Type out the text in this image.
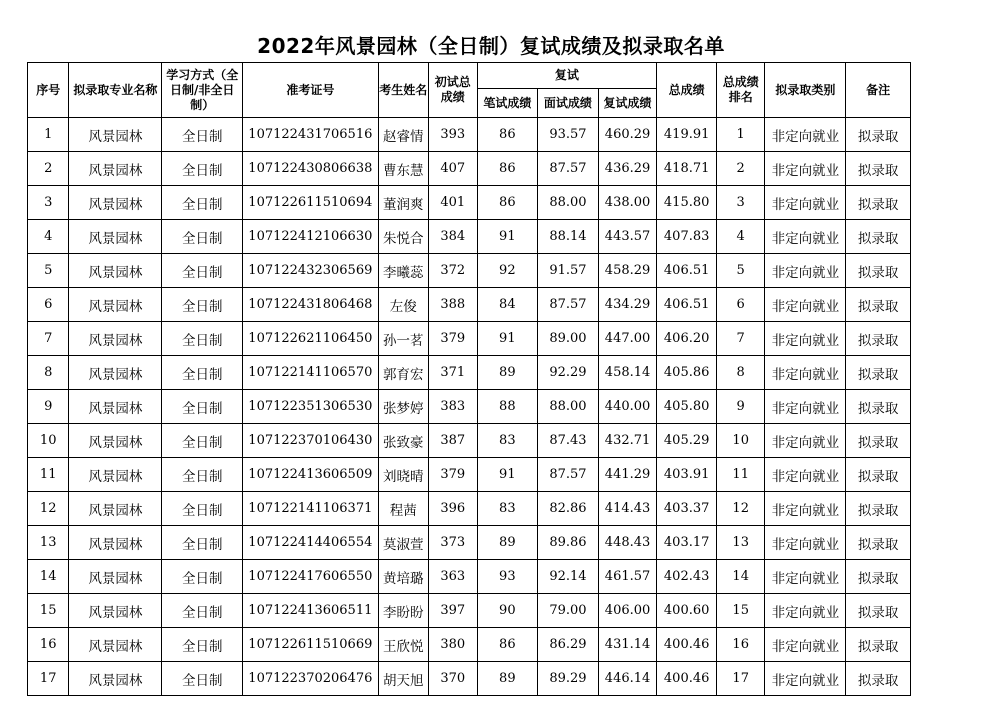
2022年风景园林（全日制）复试成绩及拟录取名单
序号	拟录取专业名称	学习方式（全日制/非全日制）	准考证号	考生姓名	初试总成绩	复试			总成绩	总成绩排名	拟录取类别	备注
						笔试成绩	面试成绩	复试成绩				
1	风景园林	全日制	107122431706516	赵睿情	393	86	93.57	460.29	419.91	1	非定向就业	拟录取
2	风景园林	全日制	107122430806638	曹东慧	407	86	87.57	436.29	418.71	2	非定向就业	拟录取
3	风景园林	全日制	107122611510694	董润爽	401	86	88.00	438.00	415.80	3	非定向就业	拟录取
4	风景园林	全日制	107122412106630	朱悦合	384	91	88.14	443.57	407.83	4	非定向就业	拟录取
5	风景园林	全日制	107122432306569	李曦蕊	372	92	91.57	458.29	406.51	5	非定向就业	拟录取
6	风景园林	全日制	107122431806468	左俊	388	84	87.57	434.29	406.51	6	非定向就业	拟录取
7	风景园林	全日制	107122621106450	孙一茗	379	91	89.00	447.00	406.20	7	非定向就业	拟录取
8	风景园林	全日制	107122141106570	郭育宏	371	89	92.29	458.14	405.86	8	非定向就业	拟录取
9	风景园林	全日制	107122351306530	张梦婷	383	88	88.00	440.00	405.80	9	非定向就业	拟录取
10	风景园林	全日制	107122370106430	张致豪	387	83	87.43	432.71	405.29	10	非定向就业	拟录取
11	风景园林	全日制	107122413606509	刘晓晴	379	91	87.57	441.29	403.91	11	非定向就业	拟录取
12	风景园林	全日制	107122141106371	程茜	396	83	82.86	414.43	403.37	12	非定向就业	拟录取
13	风景园林	全日制	107122414406554	莫淑萱	373	89	89.86	448.43	403.17	13	非定向就业	拟录取
14	风景园林	全日制	107122417606550	黄培璐	363	93	92.14	461.57	402.43	14	非定向就业	拟录取
15	风景园林	全日制	107122413606511	李盼盼	397	90	79.00	406.00	400.60	15	非定向就业	拟录取
16	风景园林	全日制	107122611510669	王欣悦	380	86	86.29	431.14	400.46	16	非定向就业	拟录取
17	风景园林	全日制	107122370206476	胡天旭	370	89	89.29	446.14	400.46	17	非定向就业	拟录取
